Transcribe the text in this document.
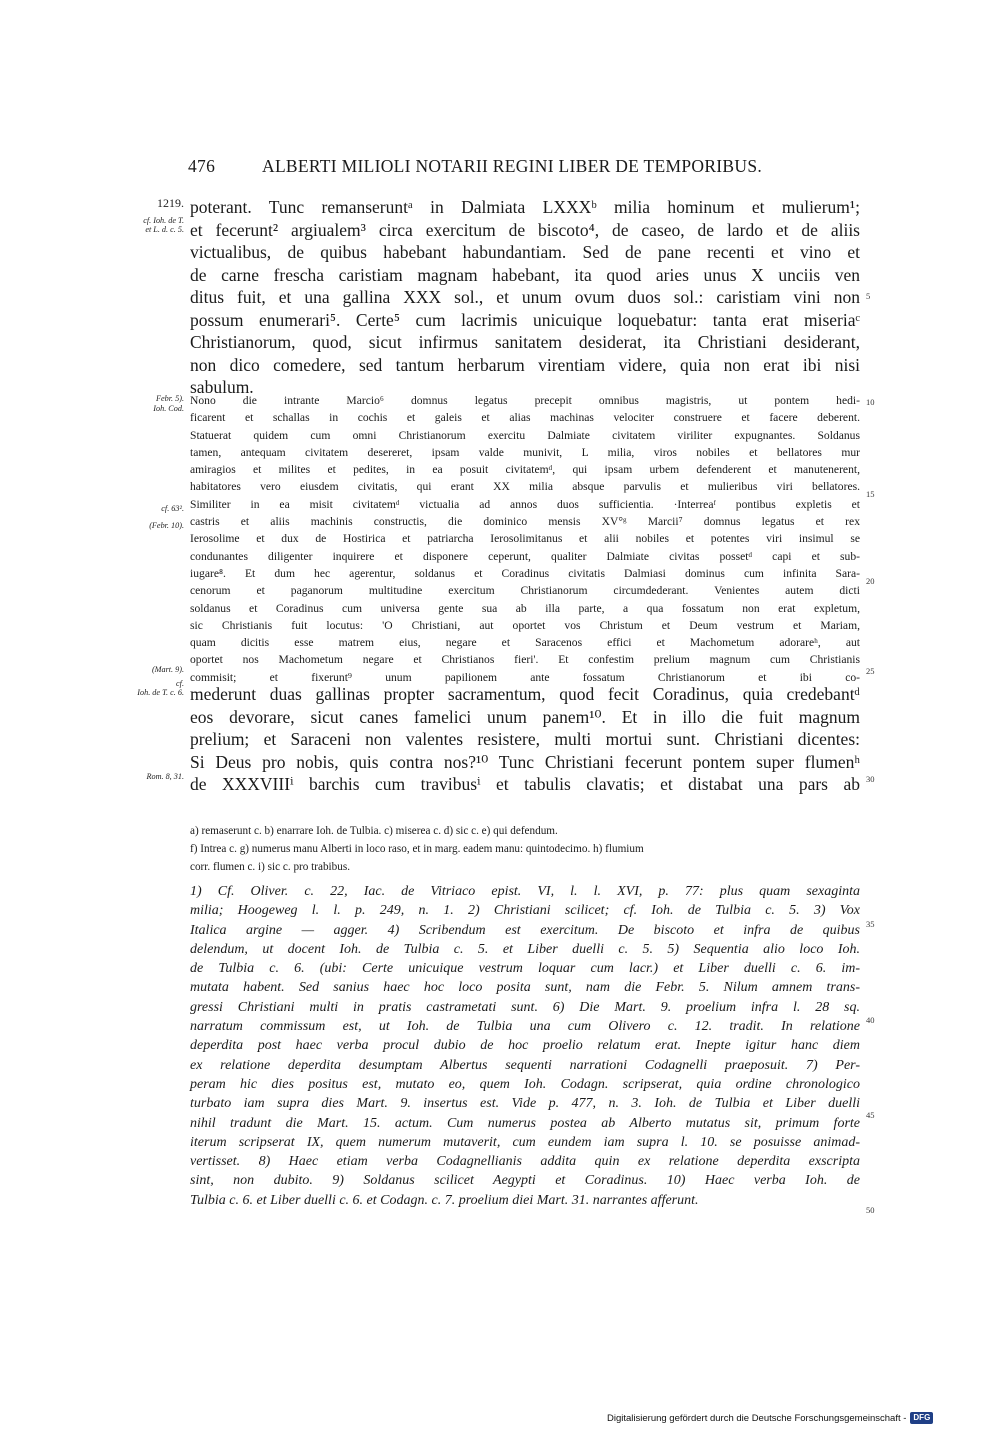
476	ALBERTI MILIOLI NOTARII REGINI LIBER DE TEMPORIBUS.
1219.
cf. Ioh. de T.
et L. d. c. 5.
Febr. 5).
Ioh. Cod.
cf. 63².
(Febr. 10).
(Mart. 9).
cf.
Ioh. de T. c. 6.
Rom. 8, 31.
5
10
15
20
25
30
35
40
45
50
poterant. Tunc remanseruntᵃ in Dalmiata LXXXᵇ milia hominum et mulierum¹;
et fecerunt² argiualem³ circa exercitum de biscoto⁴, de caseo, de lardo et de aliis
victualibus, de quibus habebant habundantiam. Sed de pane recenti et vino et
de carne frescha caristiam magnam habebant, ita quod aries unus X unciis ven
ditus fuit, et una gallina XXX sol., et unum ovum duos sol.: caristiam vini non
possum enumerari⁵. Certe⁵ cum lacrimis unicuique loquebatur: tanta erat miseriaᶜ
Christianorum, quod, sicut infirmus sanitatem desiderat, ita Christiani desiderant,
non dico comedere, sed tantum herbarum virentiam videre, quia non erat ibi nisi
sabulum.
Nono die intrante Marcio⁶ domnus legatus precepit omnibus magistris, ut pontem hedi-
ficarent et schallas in cochis et galeis et alias machinas velociter construere et facere deberent.
Statuerat quidem cum omni Christianorum exercitu Dalmiate civitatem viriliter expugnantes. Soldanus
tamen, antequam civitatem desereret, ipsam valde munivit, L milia, viros nobiles et bellatores mur
amiragios et milites et pedites, in ea posuit civitatemᵈ, qui ipsam urbem defenderent et manutenerent,
habitatores vero eiusdem civitatis, qui erant XX milia absque parvulis et mulieribus viri bellatores.
Similiter in ea misit civitatemᵈ victualia ad annos duos sufficientia. ·Interreaᶠ pontibus expletis et
castris et aliis machinis constructis, die dominico mensis XV°ᵍ Marcii⁷ domnus legatus et rex
Ierosolime et dux de Hostirica et patriarcha Ierosolimitanus et alii nobiles et potentes viri insimul se
condunantes diligenter inquirere et disponere ceperunt, qualiter Dalmiate civitas possetᵈ capi et sub-
iugare⁸. Et dum hec agerentur, soldanus et Coradinus civitatis Dalmiasi dominus cum infinita Sara-
cenorum et paganorum multitudine exercitum Christianorum circumdederant. Venientes autem dicti
soldanus et Coradinus cum universa gente sua ab illa parte, a qua fossatum non erat expletum,
sic Christianis fuit locutus: 'O Christiani, aut oportet vos Christum et Deum vestrum et Mariam,
quam dicitis esse matrem eius, negare et Saracenos effici et Machometum adorareʰ, aut
oportet nos Machometum negare et Christianos fieri'. Et confestim prelium magnum cum Christianis
commisit; et fixerunt⁹ unum papilionem ante fossatum Christianorum et ibi co-
mederunt duas gallinas propter sacramentum, quod fecit Coradinus, quia credebantᵈ
eos devorare, sicut canes famelici unum panem¹⁰. Et in illo die fuit magnum
prelium; et Saraceni non valentes resistere, multi mortui sunt. Christiani dicentes:
Si Deus pro nobis, quis contra nos?¹⁰ Tunc Christiani fecerunt pontem super flumenʰ
de XXXVIIIⁱ barchis cum travibusⁱ et tabulis clavatis; et distabat una pars ab
a) remaserunt c. b) enarrare Ioh. de Tulbia. c) miserea c. d) sic c. e) qui defendum.
f) Intrea c. g) numerus manu Alberti in loco raso, et in marg. eadem manu: quintodecimo. h) flumium
corr. flumen c. i) sic c. pro trabibus.
1) Cf. Oliver. c. 22, Iac. de Vitriaco epist. VI, l. l. XVI, p. 77: plus quam sexaginta
milia; Hoogeweg l. l. p. 249, n. 1. 2) Christiani scilicet; cf. Ioh. de Tulbia c. 5. 3) Vox
Italica argine — agger. 4) Scribendum est exercitum. De biscoto et infra de quibus
delendum, ut docent Ioh. de Tulbia c. 5. et Liber duelli c. 5. 5) Sequentia alio loco Ioh.
de Tulbia c. 6. (ubi: Certe unicuique vestrum loquar cum lacr.) et Liber duelli c. 6. im-
mutata habent. Sed sanius haec hoc loco posita sunt, nam die Febr. 5. Nilum amnem trans-
gressi Christiani multi in pratis castrametati sunt. 6) Die Mart. 9. proelium infra l. 28 sq.
narratum commissum est, ut Ioh. de Tulbia una cum Olivero c. 12. tradit. In relatione
deperdita post haec verba procul dubio de hoc proelio relatum erat. Inepte igitur hanc diem
ex relatione deperdita desumptam Albertus sequenti narrationi Codagnelli praeposuit. 7) Per-
peram hic dies positus est, mutato eo, quem Ioh. Codagn. scripserat, quia ordine chronologico
turbato iam supra dies Mart. 9. insertus est. Vide p. 477, n. 3. Ioh. de Tulbia et Liber duelli
nihil tradunt die Mart. 15. actum. Cum numerus postea ab Alberto mutatus sit, primum forte
iterum scripserat IX, quem numerum mutaverit, cum eundem iam supra l. 10. se posuisse animad-
vertisset. 8) Haec etiam verba Codagnellianis addita quin ex relatione deperdita exscripta
sint, non dubito. 9) Soldanus scilicet Aegypti et Coradinus. 10) Haec verba Ioh. de
Tulbia c. 6. et Liber duelli c. 6. et Codagn. c. 7. proelium diei Mart. 31. narrantes afferunt.
Digitalisierung gefördert durch die Deutsche Forschungsgemeinschaft - DFG
